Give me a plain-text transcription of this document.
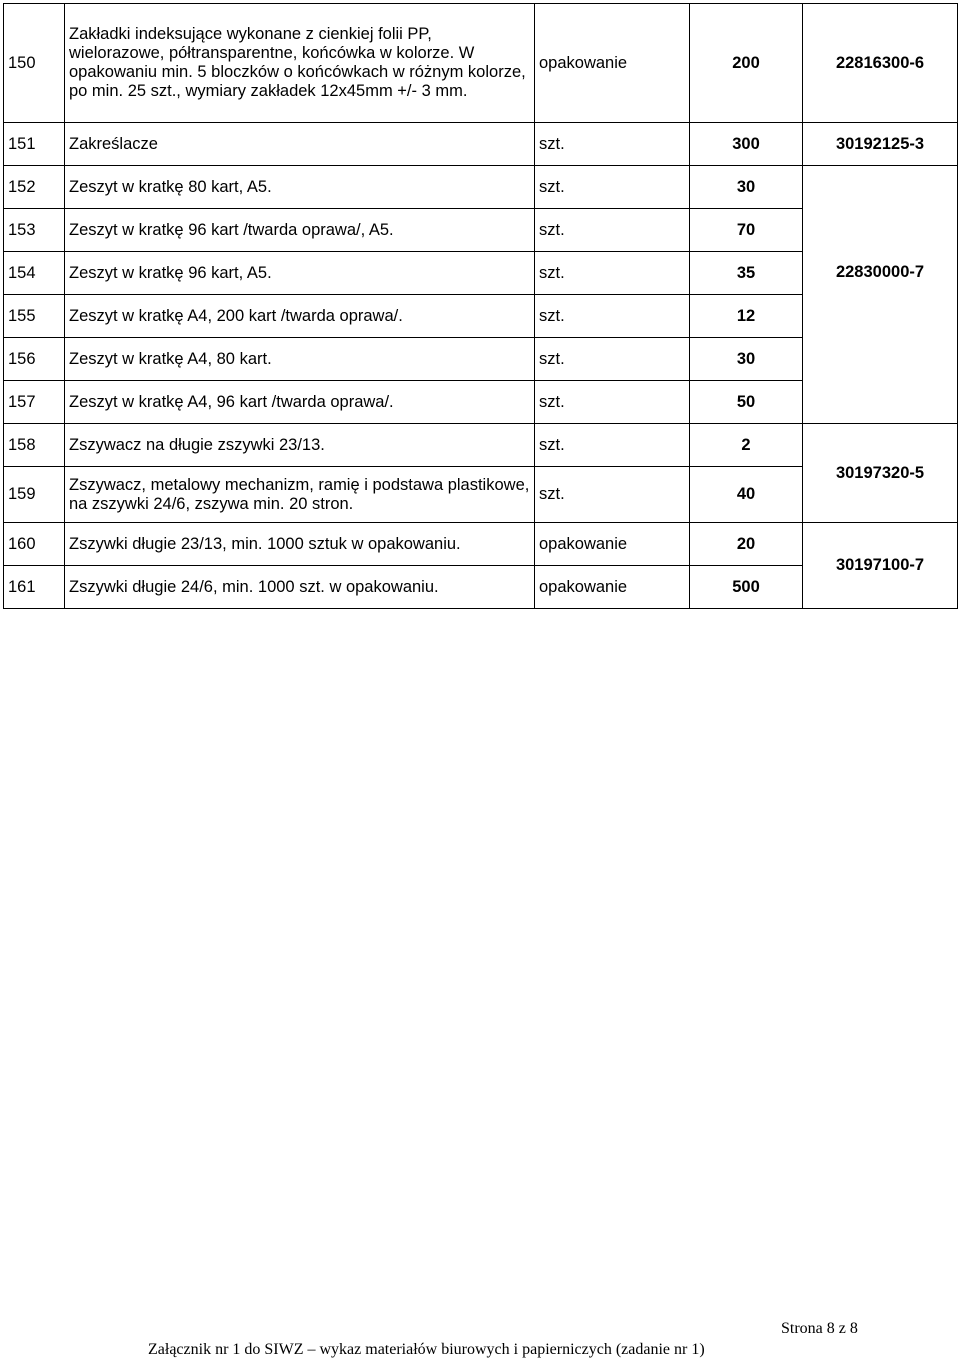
150	Zakładki indeksujące wykonane z cienkiej folii PP, wielorazowe, półtransparentne, końcówka w kolorze. W opakowaniu min. 5 bloczków o końcówkach w różnym kolorze, po min. 25 szt., wymiary zakładek 12x45mm +/- 3 mm.	opakowanie	200	22816300-6
151	Zakreślacze	szt.	300	30192125-3
152	Zeszyt w kratkę 80 kart, A5.	szt.	30	22830000-7
153	Zeszyt w kratkę 96 kart /twarda oprawa/, A5.	szt.	70	
154	Zeszyt w kratkę 96 kart, A5.	szt.	35	
155	Zeszyt w kratkę A4, 200 kart /twarda oprawa/.	szt.	12	
156	Zeszyt w kratkę A4, 80 kart.	szt.	30	
157	Zeszyt w kratkę A4, 96 kart /twarda oprawa/.	szt.	50	
158	Zszywacz na długie zszywki 23/13.	szt.	2	30197320-5
159	Zszywacz, metalowy mechanizm, ramię i podstawa plastikowe, na zszywki 24/6, zszywa min. 20 stron.	szt.	40	
160	Zszywki długie 23/13, min. 1000 sztuk w opakowaniu.	opakowanie	20	30197100-7
161	Zszywki długie 24/6, min. 1000 szt. w opakowaniu.	opakowanie	500	
Strona 8 z 8
Załącznik nr 1 do SIWZ – wykaz materiałów biurowych i papierniczych (zadanie nr 1)
